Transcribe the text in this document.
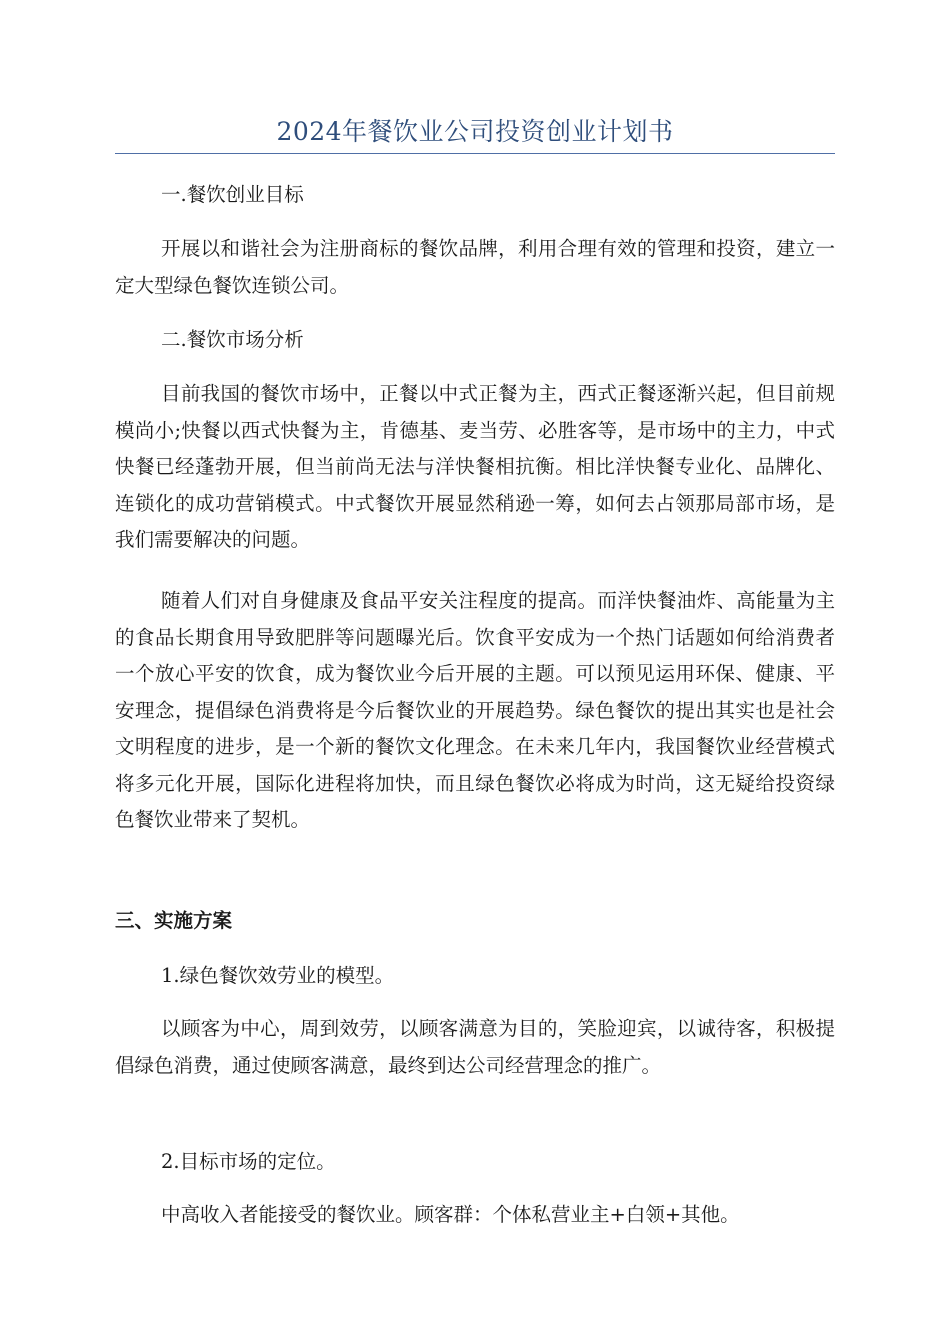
2024年餐饮业公司投资创业计划书

一.餐饮创业目标

开展以和谐社会为注册商标的餐饮品牌，利用合理有效的管理和投资，建立一定大型绿色餐饮连锁公司。

二.餐饮市场分析

目前我国的餐饮市场中，正餐以中式正餐为主，西式正餐逐渐兴起，但目前规模尚小;快餐以西式快餐为主，肯德基、麦当劳、必胜客等，是市场中的主力，中式快餐已经蓬勃开展，但当前尚无法与洋快餐相抗衡。相比洋快餐专业化、品牌化、连锁化的成功营销模式。中式餐饮开展显然稍逊一筹，如何去占领那局部市场，是我们需要解决的问题。

随着人们对自身健康及食品平安关注程度的提高。而洋快餐油炸、高能量为主的食品长期食用导致肥胖等问题曝光后。饮食平安成为一个热门话题如何给消费者一个放心平安的饮食，成为餐饮业今后开展的主题。可以预见运用环保、健康、平安理念，提倡绿色消费将是今后餐饮业的开展趋势。绿色餐饮的提出其实也是社会文明程度的进步，是一个新的餐饮文化理念。在未来几年内，我国餐饮业经营模式将多元化开展，国际化进程将加快，而且绿色餐饮必将成为时尚，这无疑给投资绿色餐饮业带来了契机。

三、实施方案

1.绿色餐饮效劳业的模型。

以顾客为中心，周到效劳，以顾客满意为目的，笑脸迎宾，以诚待客，积极提倡绿色消费，通过使顾客满意，最终到达公司经营理念的推广。

2.目标市场的定位。

中高收入者能接受的餐饮业。顾客群：个体私营业主+白领+其他。
